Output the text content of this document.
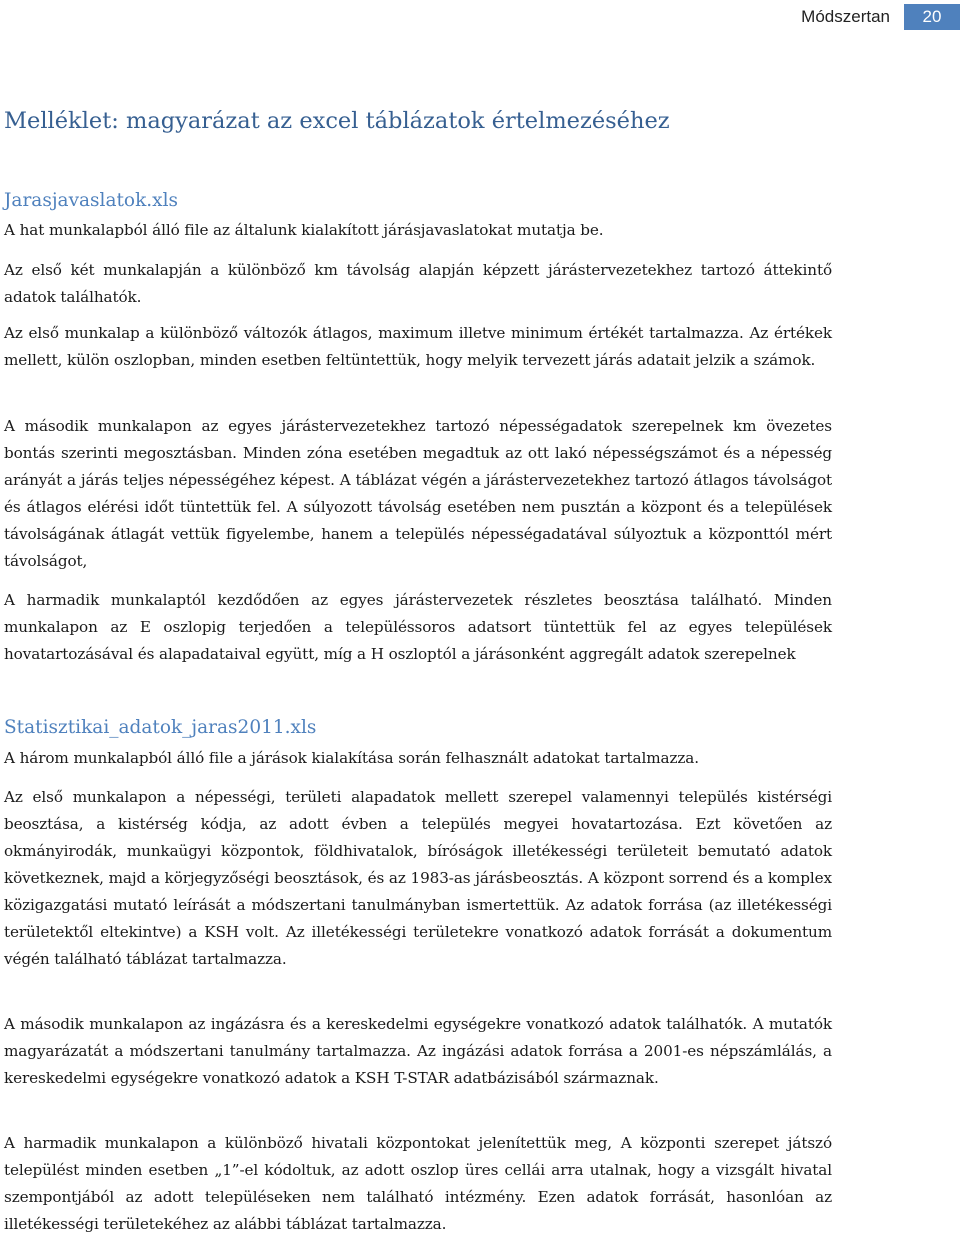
Módszertan	20
Melléklet: magyarázat az excel táblázatok értelmezéséhez
Jarasjavaslatok.xls

A hat munkalapból álló file az általunk kialakított járásjavaslatokat mutatja be.

Az első két munkalapján a különböző km távolság alapján képzett járástervezetekhez tartozó áttekintő adatok találhatók.

Az első munkalap a különböző változók átlagos, maximum illetve minimum értékét tartalmazza. Az értékek mellett, külön oszlopban, minden esetben feltüntettük, hogy melyik tervezett járás adatait jelzik a számok.

A második munkalapon az egyes járástervezetekhez tartozó népességadatok szerepelnek km övezetes bontás szerinti megosztásban. Minden zóna esetében megadtuk az ott lakó népességszámot és a népesség arányát a járás teljes népességéhez képest. A táblázat végén a járástervezetekhez tartozó átlagos távolságot és átlagos elérési időt tüntettük fel. A súlyozott távolság esetében nem pusztán a központ és a települések távolságának átlagát vettük figyelembe, hanem a település népességadatával súlyoztuk a központtól mért távolságot,

A harmadik munkalaptól kezdődően az egyes járástervezetek részletes beosztása található. Minden munkalapon az E oszlopig terjedően a településsoros adatsort tüntettük fel az egyes települések hovatartozásával és alapadataival együtt, míg a H oszloptól a járásonként aggregált adatok szerepelnek

Statisztikai_adatok_jaras2011.xls

A három munkalapból álló file a járások kialakítása során felhasznált adatokat tartalmazza.

Az első munkalapon a népességi, területi alapadatok mellett szerepel valamennyi település kistérségi beosztása, a kistérség kódja, az adott évben a település megyei hovatartozása. Ezt követően az okmányirodák, munkaügyi központok, földhivatalok, bíróságok illetékességi területeit bemutató adatok következnek, majd a körjegyzőségi beosztások, és az 1983-as járásbeosztás. A központ sorrend és a komplex közigazgatási mutató leírását a módszertani tanulmányban ismertettük. Az adatok forrása (az illetékességi területektől eltekintve) a KSH volt. Az illetékességi területekre vonatkozó adatok forrását a dokumentum végén található táblázat tartalmazza.

A második munkalapon az ingázásra és a kereskedelmi egységekre vonatkozó adatok találhatók. A mutatók magyarázatát a módszertani tanulmány tartalmazza. Az ingázási adatok forrása a 2001-es népszámlálás, a kereskedelmi egységekre vonatkozó adatok a KSH T-STAR adatbázisából származnak.

A harmadik munkalapon a különböző hivatali központokat jelenítettük meg, A központi szerepet játszó települést minden esetben „1”-el kódoltuk, az adott oszlop üres cellái arra utalnak, hogy a vizsgált hivatal szempontjából az adott településeken nem található intézmény. Ezen adatok forrását, hasonlóan az illetékességi területekéhez az alábbi táblázat tartalmazza.
